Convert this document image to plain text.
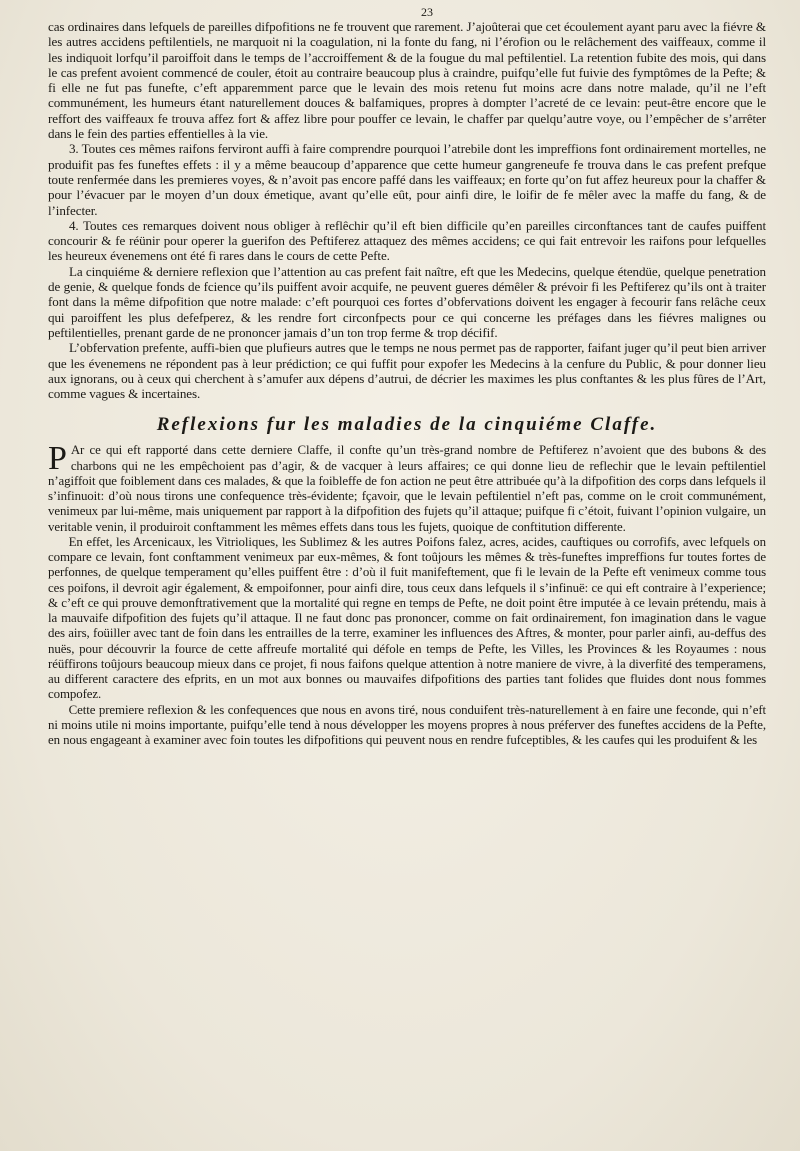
23

cas ordinaires dans lefquels de pareilles difpofitions ne fe trouvent que rarement. J’ajoûterai que cet écoulement ayant paru avec la fiévre & les autres accidens peftilentiels, ne marquoit ni la coagulation, ni la fonte du fang, ni l’érofion ou le relâchement des vaiffeaux, comme il les indiquoit lorfqu’il paroiffoit dans le temps de l’accroiffement & de la fougue du mal peftilentiel. La retention fubite des mois, qui dans le cas prefent avoient commencé de couler, étoit au contraire beaucoup plus à craindre, puifqu’elle fut fuivie des fymptômes de la Pefte; & fi elle ne fut pas funefte, c’eft apparemment parce que le levain des mois retenu fut moins acre dans notre malade, qu’il ne l’eft communément, les humeurs étant naturellement douces & balfamiques, propres à dompter l’acreté de ce levain: peut-être encore que le reffort des vaiffeaux fe trouva affez fort & affez libre pour pouffer ce levain, le chaffer par quelqu’autre voye, ou l’empêcher de s’arrêter dans le fein des parties effentielles à la vie.

3. Toutes ces mêmes raifons ferviront auffi à faire comprendre pourquoi l’atrebile dont les impreffions font ordinairement mortelles, ne produifit pas fes funeftes effets : il y a même beaucoup d’apparence que cette humeur gangreneufe fe trouva dans le cas prefent prefque toute renfermée dans les premieres voyes, & n’avoit pas encore paffé dans les vaiffeaux; en forte qu’on fut affez heureux pour la chaffer & pour l’évacuer par le moyen d’un doux émetique, avant qu’elle eût, pour ainfi dire, le loifir de fe mêler avec la maffe du fang, & de l’infecter.

4. Toutes ces remarques doivent nous obliger à reflêchir qu’il eft bien difficile qu’en pareilles circonftances tant de caufes puiffent concourir & fe réünir pour operer la guerifon des Peftiferez attaquez des mêmes accidens; ce qui fait entrevoir les raifons pour lefquelles les heureux évenemens ont été fi rares dans le cours de cette Pefte.

La cinquiéme & derniere reflexion que l’attention au cas prefent fait naître, eft que les Medecins, quelque étendüe, quelque penetration de genie, & quelque fonds de fcience qu’ils puiffent avoir acquife, ne peuvent gueres démêler & prévoir fi les Peftiferez qu’ils ont à traiter font dans la même difpofition que notre malade: c’eft pourquoi ces fortes d’obfervations doivent les engager à fecourir fans relâche ceux qui paroiffent les plus defefperez, & les rendre fort circonfpects pour ce qui concerne les préfages dans les fiévres malignes ou peftilentielles, prenant garde de ne prononcer jamais d’un ton trop ferme & trop décifif.

L’obfervation prefente, auffi-bien que plufieurs autres que le temps ne nous permet pas de rapporter, faifant juger qu’il peut bien arriver que les évenemens ne répondent pas à leur prédiction; ce qui fuffit pour expofer les Medecins à la cenfure du Public, & pour donner lieu aux ignorans, ou à ceux qui cherchent à s’amufer aux dépens d’autrui, de décrier les maximes les plus conftantes & les plus fûres de l’Art, comme vagues & incertaines.

Reflexions fur les maladies de la cinquiéme Claffe.

P Ar ce qui eft rapporté dans cette derniere Claffe, il confte qu’un très-grand nombre de Peftiferez n’avoient que des bubons & des charbons qui ne les empêchoient pas d’agir, & de vacquer à leurs affaires; ce qui donne lieu de reflechir que le levain peftilentiel n’agiffoit que foiblement dans ces malades, & que la foibleffe de fon action ne peut être attribuée qu’à la difpofition des corps dans lefquels il s’infinuoit: d’où nous tirons une confequence très-évidente; fçavoir, que le levain peftilentiel n’eft pas, comme on le croit communément, venimeux par lui-même, mais uniquement par rapport à la difpofition des fujets qu’il attaque; puifque fi c’étoit, fuivant l’opinion vulgaire, un veritable venin, il produiroit conftamment les mêmes effets dans tous les fujets, quoique de conftitution differente.

En effet, les Arcenicaux, les Vitrioliques, les Sublimez & les autres Poifons falez, acres, acides, cauftiques ou corrofifs, avec lefquels on compare ce levain, font conftamment venimeux par eux-mêmes, & font toûjours les mêmes & très-funeftes impreffions fur toutes fortes de perfonnes, de quelque temperament qu’elles puiffent être : d’où il fuit manifeftement, que fi le levain de la Pefte eft venimeux comme tous ces poifons, il devroit agir également, & empoifonner, pour ainfi dire, tous ceux dans lefquels il s’infinuë: ce qui eft contraire à l’experience; & c’eft ce qui prouve demonftrativement que la mortalité qui regne en temps de Pefte, ne doit point être imputée à ce levain prétendu, mais à la mauvaife difpofition des fujets qu’il attaque. Il ne faut donc pas prononcer, comme on fait ordinairement, fon imagination dans le vague des airs, foüiller avec tant de foin dans les entrailles de la terre, examiner les influences des Aftres, & monter, pour parler ainfi, au-deffus des nuës, pour découvrir la fource de cette affreufe mortalité qui défole en temps de Pefte, les Villes, les Provinces & les Royaumes : nous réüffirons toûjours beaucoup mieux dans ce projet, fi nous faifons quelque attention à notre maniere de vivre, à la diverfité des temperamens, au different caractere des efprits, en un mot aux bonnes ou mauvaifes difpofitions des parties tant folides que fluides dont nous fommes compofez.

Cette premiere reflexion & les confequences que nous en avons tiré, nous conduifent très-naturellement à en faire une feconde, qui n’eft ni moins utile ni moins importante, puifqu’elle tend à nous développer les moyens propres à nous préferver des funeftes accidens de la Pefte, en nous engageant à examiner avec foin toutes les difpofitions qui peuvent nous en rendre fufceptibles, & les caufes qui les produifent & les
